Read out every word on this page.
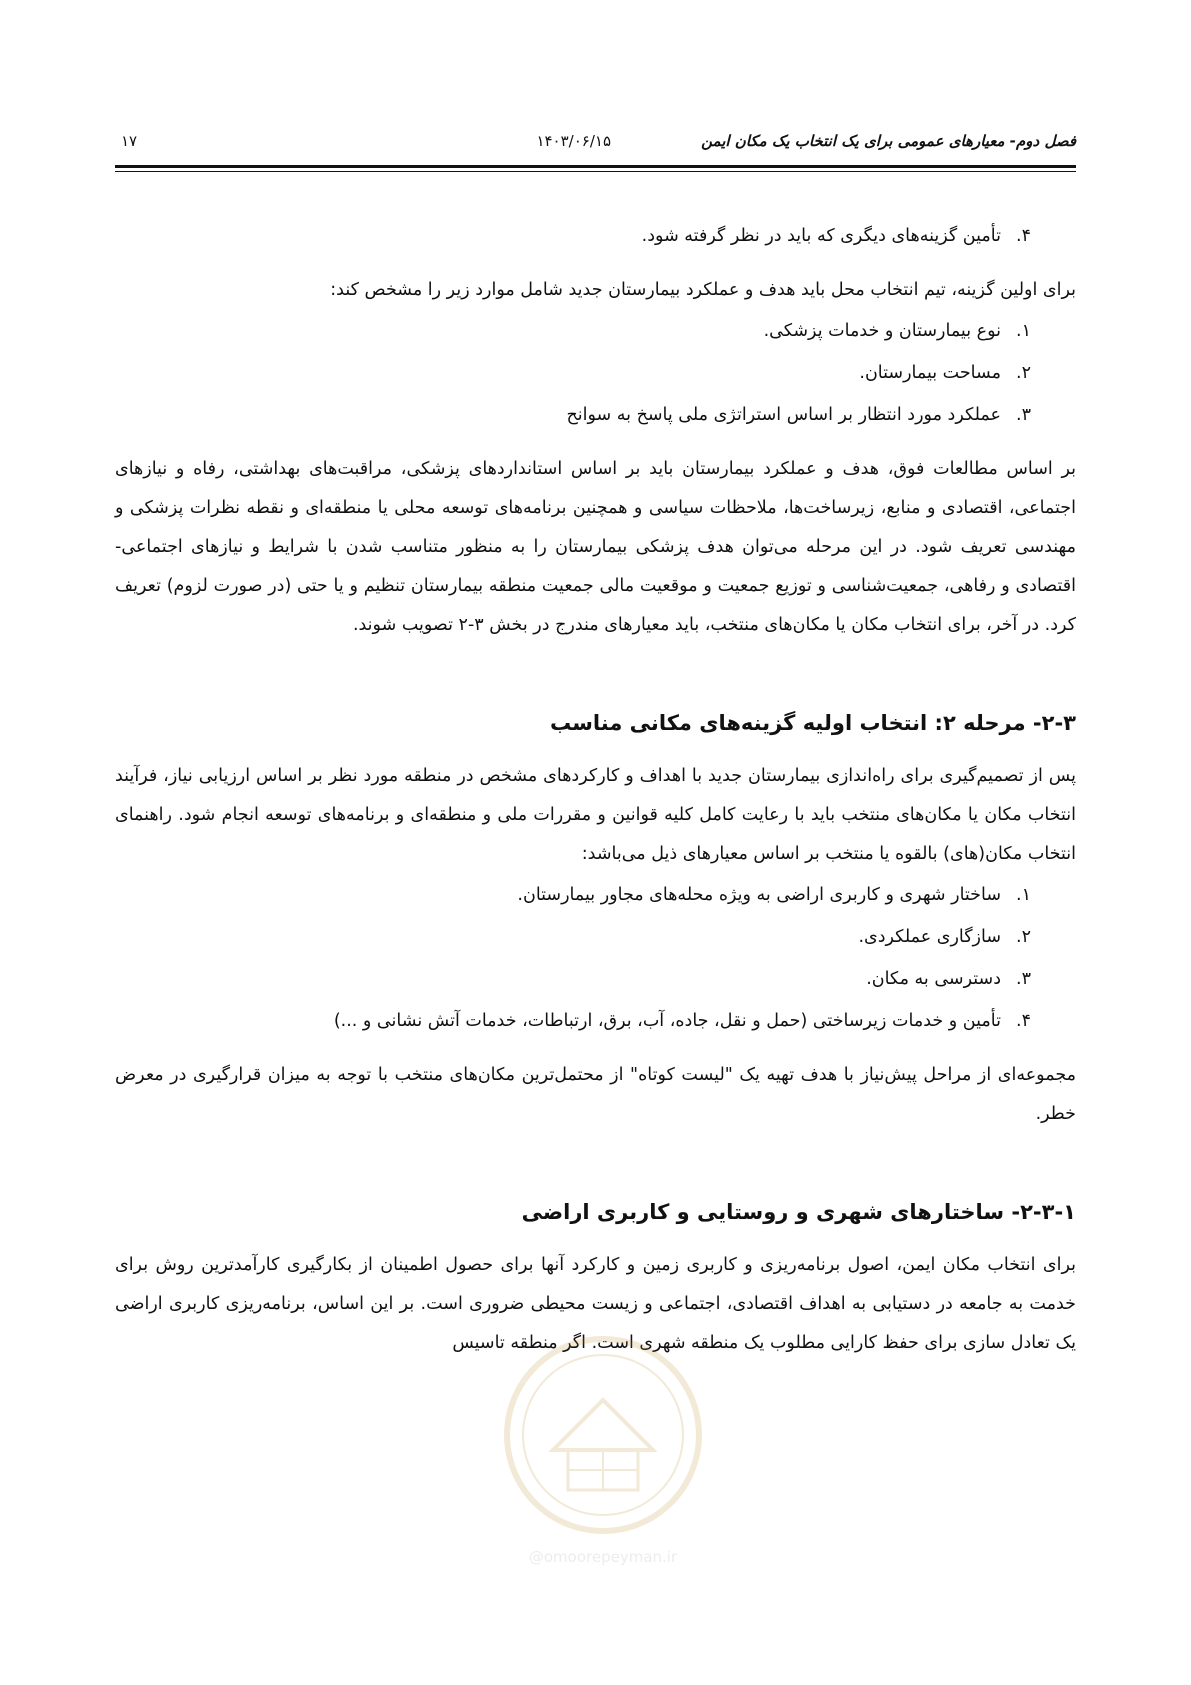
فصل دوم- معیارهای عمومی برای یک انتخاب یک مکان ایمن
۱۴۰۳/۰۶/۱۵
۱۷
۴.
تأمین گزینه‌های دیگری که باید در نظر گرفته شود.

برای اولین گزینه، تیم انتخاب محل باید هدف و عملکرد بیمارستان جدید شامل موارد زیر را مشخص کند:

۱.
نوع بیمارستان و خدمات پزشکی.
۲.
مساحت بیمارستان.
۳.
عملکرد مورد انتظار بر اساس استراتژی ملی پاسخ به سوانح

بر اساس مطالعات فوق، هدف و عملکرد بیمارستان باید بر اساس استانداردهای پزشکی، مراقبت‌های بهداشتی، رفاه و نیازهای اجتماعی، اقتصادی و منابع، زیرساخت‌ها، ملاحظات سیاسی و همچنین برنامه‌های توسعه محلی یا منطقه‌ای و نقطه نظرات پزشکی و مهندسی تعریف شود. در این مرحله می‌توان هدف پزشکی بیمارستان را به منظور متناسب شدن با شرایط و نیازهای اجتماعی-اقتصادی و رفاهی، جمعیت‌شناسی و توزیع جمعیت و موقعیت مالی جمعیت منطقه بیمارستان تنظیم و یا حتی (در صورت لزوم) تعریف کرد. در آخر، برای انتخاب مکان یا مکان‌های منتخب، باید معیارهای مندرج در بخش ۳-۲ تصویب شوند.

۲-۳- مرحله ۲: انتخاب اولیه گزینه‌های مکانی مناسب

پس از تصمیم‌گیری برای راه‌اندازی بیمارستان جدید با اهداف و کارکردهای مشخص در منطقه مورد نظر بر اساس ارزیابی نیاز، فرآیند انتخاب مکان یا مکان‌های منتخب باید با رعایت کامل کلیه قوانین و مقررات ملی و منطقه‌ای و برنامه‌های توسعه انجام شود. راهنمای انتخاب مکان(های) بالقوه یا منتخب بر اساس معیارهای ذیل می‌باشد:

۱.
ساختار شهری و کاربری اراضی به ویژه محله‌های مجاور بیمارستان.
۲.
سازگاری عملکردی.
۳.
دسترسی به مکان.
۴.
تأمین و خدمات زیرساختی (حمل و نقل، جاده، آب، برق، ارتباطات، خدمات آتش نشانی و ...)

مجموعه‌ای از مراحل پیش‌نیاز با هدف تهیه یک "لیست کوتاه" از محتمل‌ترین مکان‌های منتخب با توجه به میزان قرارگیری در معرض خطر.

۲-۳-۱- ساختارهای شهری و روستایی و کاربری اراضی

برای انتخاب مکان ایمن، اصول برنامه‌ریزی و کاربری زمین و کارکرد آنها برای حصول اطمینان از بکارگیری کارآمدترین روش برای خدمت به جامعه در دستیابی به اهداف اقتصادی، اجتماعی و زیست محیطی ضروری است. بر این اساس، برنامه‌ریزی کاربری اراضی یک تعادل سازی برای حفظ کارایی مطلوب یک منطقه شهری است. اگر منطقه تاسیس

@omoorepeyman.ir
